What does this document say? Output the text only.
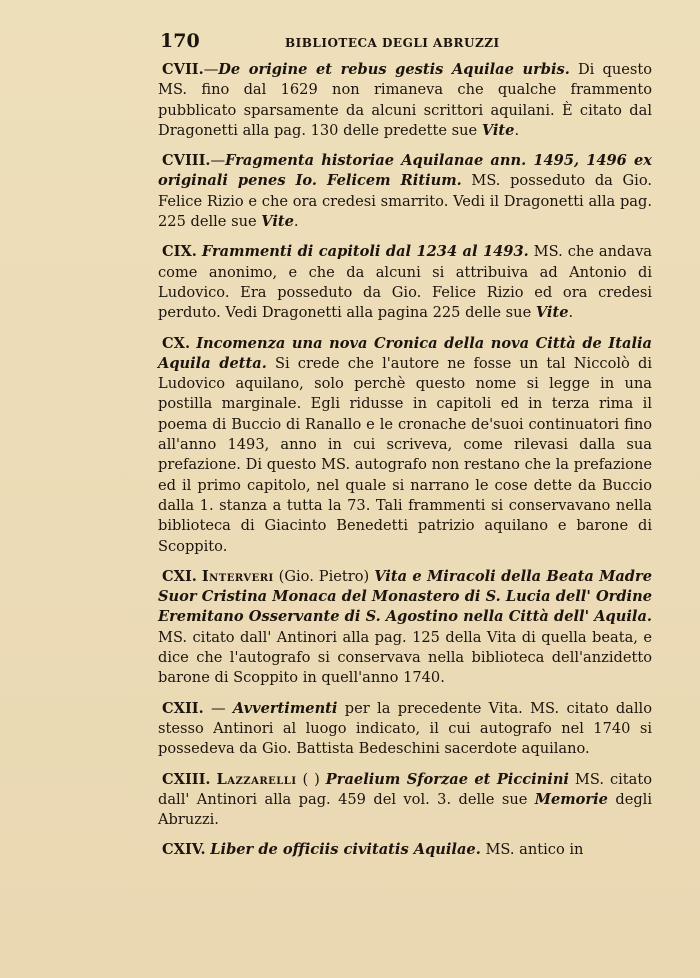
170	BIBLIOTECA DEGLI ABRUZZI

CVII.—De origine et rebus gestis Aquilae urbis. Di questo MS. fino dal 1629 non rimaneva che qualche frammento pubblicato sparsamente da alcuni scrittori aquilani. È citato dal Dragonetti alla pag. 130 delle predette sue Vite.

CVIII.—Fragmenta historiae Aquilanae ann. 1495, 1496 ex originali penes Io. Felicem Ritium. MS. posseduto da Gio. Felice Rizio e che ora credesi smarrito. Vedi il Dragonetti alla pag. 225 delle sue Vite.

CIX. Frammenti di capitoli dal 1234 al 1493. MS. che andava come anonimo, e che da alcuni si attribuiva ad Antonio di Ludovico. Era posseduto da Gio. Felice Rizio ed ora credesi perduto. Vedi Dragonetti alla pagina 225 delle sue Vite.

CX. Incomenza una nova Cronica della nova Città de Italia Aquila detta. Si crede che l'autore ne fosse un tal Niccolò di Ludovico aquilano, solo perchè questo nome si legge in una postilla marginale. Egli ridusse in capitoli ed in terza rima il poema di Buccio di Ranallo e le cronache de'suoi continuatori fino all'anno 1493, anno in cui scriveva, come rilevasi dalla sua prefazione. Di questo MS. autografo non restano che la prefazione ed il primo capitolo, nel quale si narrano le cose dette da Buccio dalla 1. stanza a tutta la 73. Tali frammenti si conservavano nella biblioteca di Giacinto Benedetti patrizio aquilano e barone di Scoppito.

CXI. Interveri (Gio. Pietro) Vita e Miracoli della Beata Madre Suor Cristina Monaca del Monastero di S. Lucia dell' Ordine Eremitano Osservante di S. Agostino nella Città dell' Aquila. MS. citato dall' Antinori alla pag. 125 della Vita di quella beata, e dice che l'autografo si conservava nella biblioteca dell'anzidetto barone di Scoppito in quell'anno 1740.

CXII. — Avvertimenti per la precedente Vita. MS. citato dallo stesso Antinori al luogo indicato, il cui autografo nel 1740 si possedeva da Gio. Battista Bedeschini sacerdote aquilano.

CXIII. Lazzarelli ( ) Praelium Sforzae et Piccinini MS. citato dall' Antinori alla pag. 459 del vol. 3. delle sue Memorie degli Abruzzi.

CXIV. Liber de officiis civitatis Aquilae. MS. antico in
